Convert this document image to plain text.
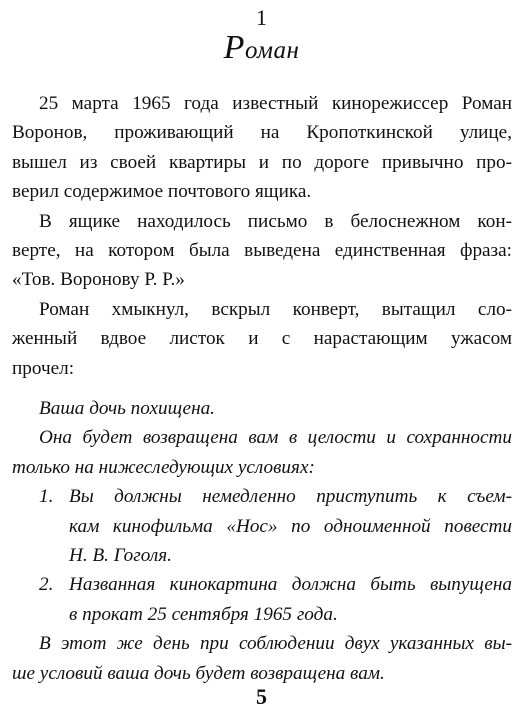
1
Роман
25 марта 1965 года известный кинорежиссер Роман
Воронов, проживающий на Кропоткинской улице,
вышел из своей квартиры и по дороге привычно про-
верил содержимое почтового ящика.
В ящике находилось письмо в белоснежном кон-
верте, на котором была выведена единственная фраза:
«Тов. Воронову Р. Р.»
Роман хмыкнул, вскрыл конверт, вытащил сло-
женный вдвое листок и с нарастающим ужасом
прочел:
Ваша дочь похищена.
Она будет возвращена вам в целости и сохранности
только на нижеследующих условиях:
1. Вы должны немедленно приступить к съем-
кам кинофильма «Нос» по одноименной повести
Н. В. Гоголя.
2. Названная кинокартина должна быть выпущена
в прокат 25 сентября 1965 года.
В этот же день при соблюдении двух указанных вы-
ше условий ваша дочь будет возвращена вам.
5
